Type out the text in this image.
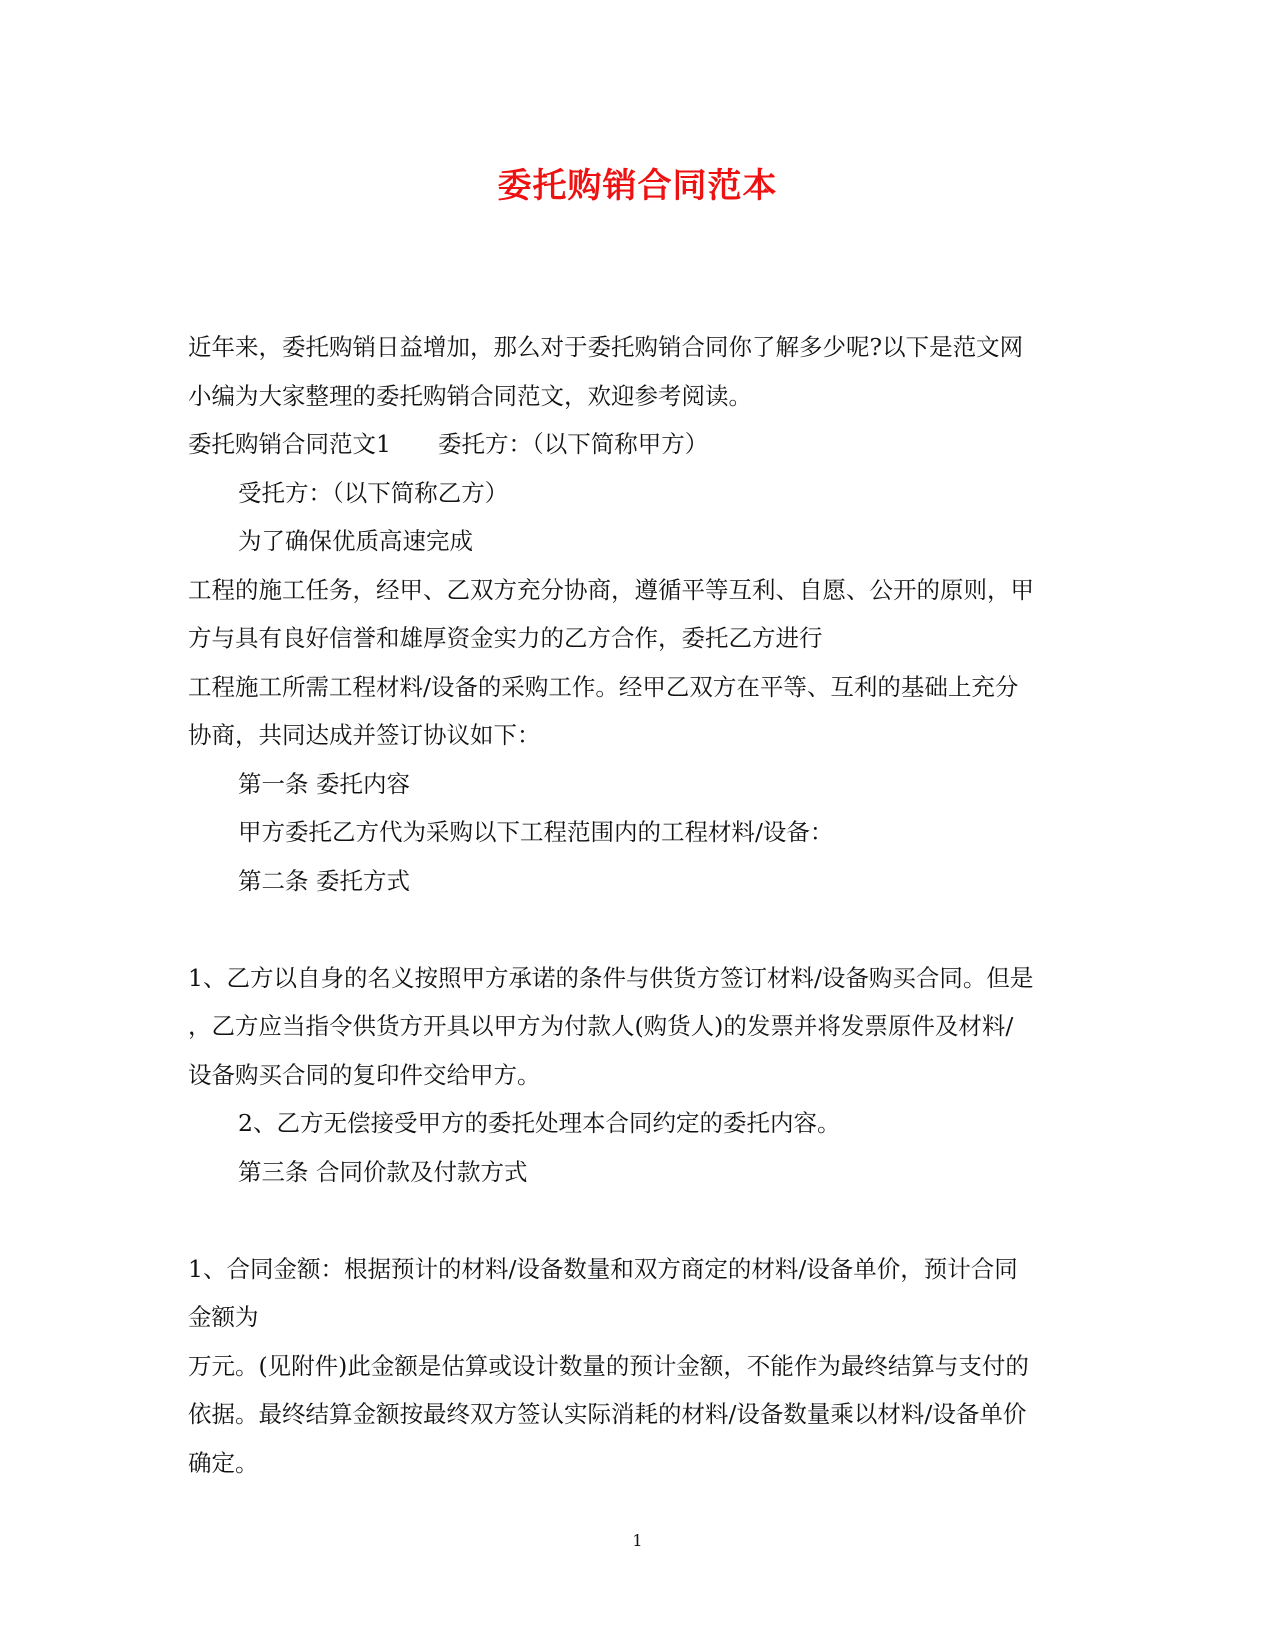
委托购销合同范本

近年来，委托购销日益增加，那么对于委托购销合同你了解多少呢?以下是范文网

小编为大家整理的委托购销合同范文，欢迎参考阅读。

委托购销合同范文1　　委托方：（以下简称甲方）

受托方：（以下简称乙方）

为了确保优质高速完成

工程的施工任务，经甲、乙双方充分协商，遵循平等互利、自愿、公开的原则，甲

方与具有良好信誉和雄厚资金实力的乙方合作，委托乙方进行

工程施工所需工程材料/设备的采购工作。经甲乙双方在平等、互利的基础上充分

协商，共同达成并签订协议如下：

第一条 委托内容

甲方委托乙方代为采购以下工程范围内的工程材料/设备：

第二条 委托方式

1、乙方以自身的名义按照甲方承诺的条件与供货方签订材料/设备购买合同。但是

，乙方应当指令供货方开具以甲方为付款人(购货人)的发票并将发票原件及材料/

设备购买合同的复印件交给甲方。

2、乙方无偿接受甲方的委托处理本合同约定的委托内容。

第三条 合同价款及付款方式

1、合同金额：根据预计的材料/设备数量和双方商定的材料/设备单价，预计合同

金额为

万元。(见附件)此金额是估算或设计数量的预计金额，不能作为最终结算与支付的

依据。最终结算金额按最终双方签认实际消耗的材料/设备数量乘以材料/设备单价

确定。

1
